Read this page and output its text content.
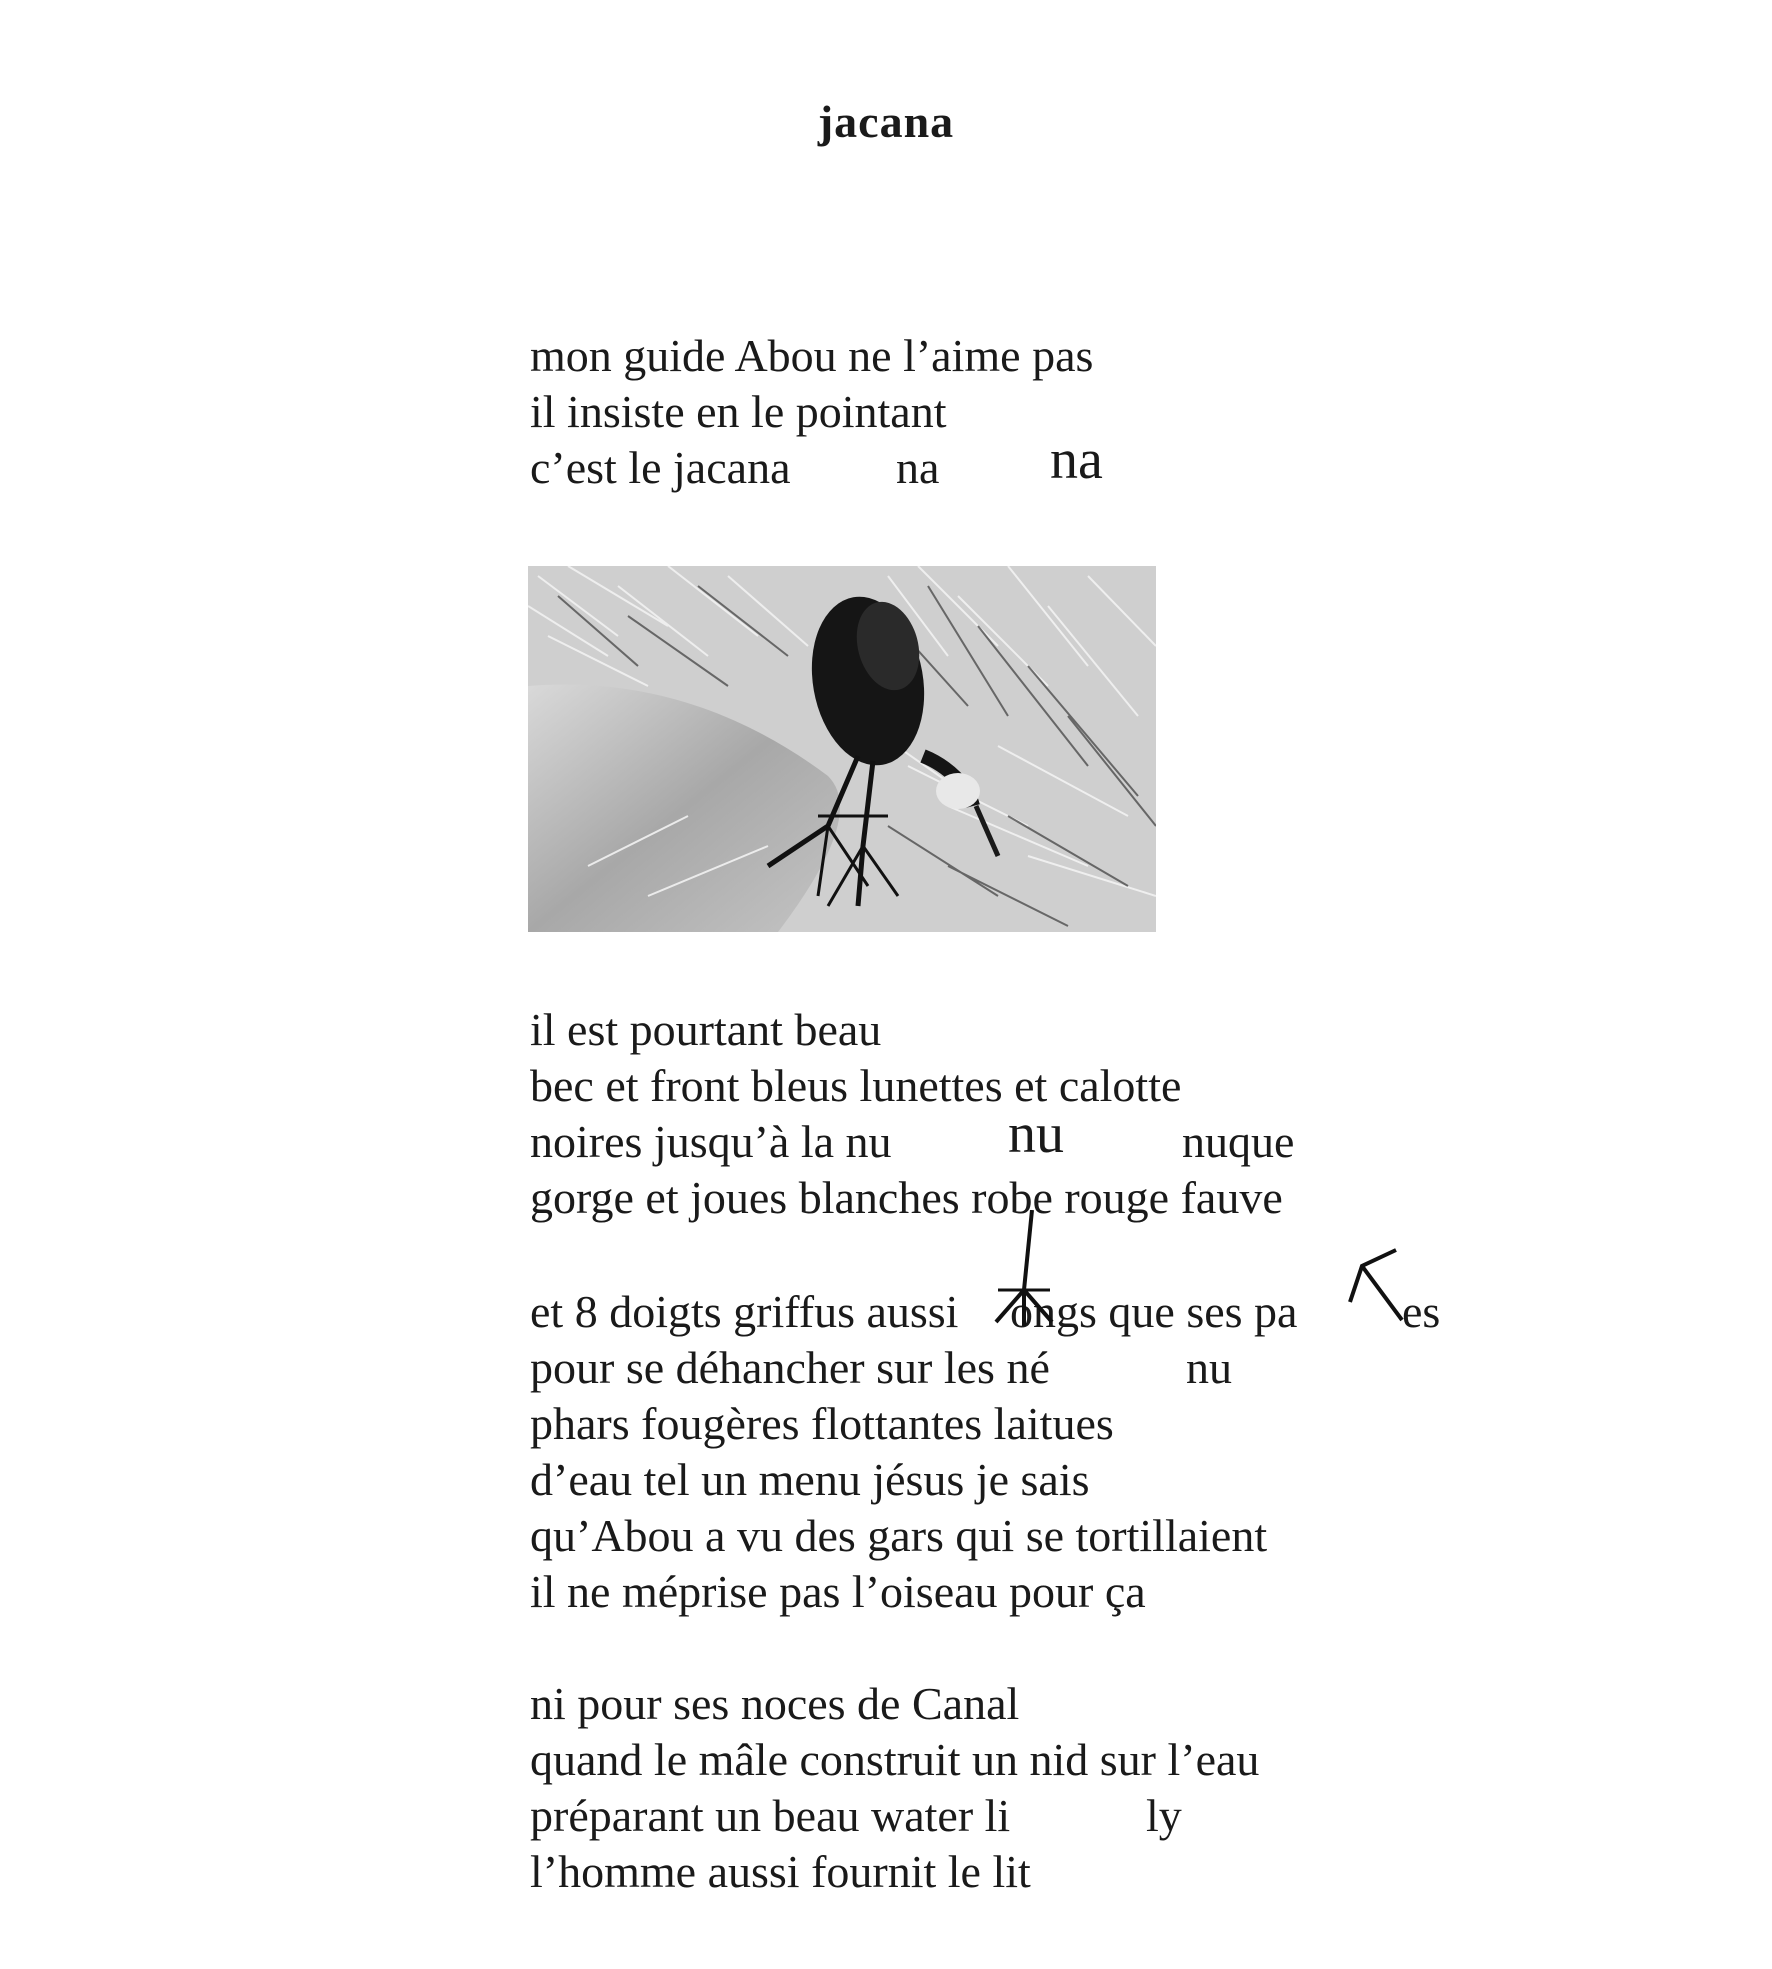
jacana
mon guide Abou ne l’aime pas
il insiste en le pointant
c’est le jacana na na
il est pourtant beau
bec et front bleus lunettes et calotte
noires jusqu’à la nu nu	nuque
gorge et joues blanches robe rouge fauve
et 8 doigts griffus aussi ongs que ses pa es
pour se déhancher sur les né	nu
phars fougères flottantes laitues
d’eau tel un menu jésus je sais
qu’Abou a vu des gars qui se tortillaient
il ne méprise pas l’oiseau pour ça
ni pour ses noces de Canal
quand le mâle construit un nid sur l’eau
préparant un beau water li	ly
l’homme aussi fournit le lit
